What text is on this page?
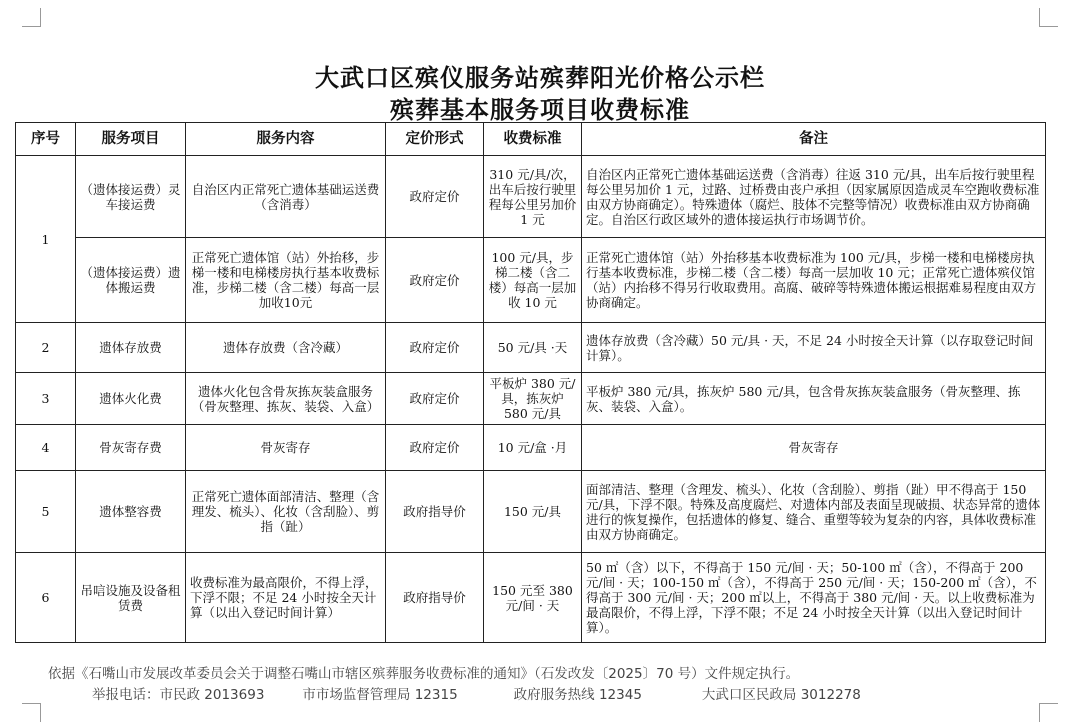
大武口区殡仪服务站殡葬阳光价格公示栏
殡葬基本服务项目收费标准
序号	服务项目	服务内容	定价形式	收费标准	备注
1	（遗体接运费）灵车接运费	自治区内正常死亡遗体基础运送费（含消毒）	政府定价	310 元/具/次，出车后按行驶里程每公里另加价 1 元	自治区内正常死亡遗体基础运送费（含消毒）往返 310 元/具，出车后按行驶里程每公里另加价 1 元，过路、过桥费由丧户承担（因家属原因造成灵车空跑收费标准由双方协商确定）。特殊遗体（腐烂、肢体不完整等情况）收费标准由双方协商确定。自治区行政区域外的遗体接运执行市场调节价。
	（遗体接运费）遗体搬运费	正常死亡遗体馆（站）外抬移，步梯一楼和电梯楼房执行基本收费标准，步梯二楼（含二楼）每高一层加收10元	政府定价	100 元/具，步梯二楼（含二楼）每高一层加收 10 元	正常死亡遗体馆（站）外抬移基本收费标准为 100 元/具，步梯一楼和电梯楼房执行基本收费标准，步梯二楼（含二楼）每高一层加收 10 元；正常死亡遗体殡仪馆（站）内抬移不得另行收取费用。高腐、破碎等特殊遗体搬运根据难易程度由双方协商确定。
2	遗体存放费	遗体存放费（含冷藏）	政府定价	50 元/具 ·天	遗体存放费（含冷藏）50 元/具 · 天，不足 24 小时按全天计算（以存取登记时间计算）。
3	遗体火化费	遗体火化包含骨灰拣灰装盒服务（骨灰整理、拣灰、装袋、入盒）	政府定价	平板炉 380 元/具，拣灰炉 580 元/具	平板炉 380 元/具，拣灰炉 580 元/具，包含骨灰拣灰装盒服务（骨灰整理、拣灰、装袋、入盒）。
4	骨灰寄存费	骨灰寄存	政府定价	10 元/盒 ·月	骨灰寄存
5	遗体整容费	正常死亡遗体面部清洁、整理（含理发、梳头）、化妆（含刮脸）、剪指（趾）	政府指导价	150 元/具	面部清洁、整理（含理发、梳头）、化妆（含刮脸）、剪指（趾）甲不得高于 150 元/具，下浮不限。特殊及高度腐烂、对遗体内部及表面呈现破损、状态异常的遗体进行的恢复操作，包括遗体的修复、缝合、重塑等较为复杂的内容，具体收费标准由双方协商确定。
6	吊唁设施及设备租赁费	收费标准为最高限价，不得上浮，下浮不限；不足 24 小时按全天计算（以出入登记时间计算）	政府指导价	150 元至 380 元/间 · 天	50 ㎡（含）以下，不得高于 150 元/间 · 天；50-100 ㎡（含），不得高于 200 元/间 · 天；100-150 ㎡（含），不得高于 250 元/间 · 天；150-200 ㎡（含），不得高于 300 元/间 · 天；200 ㎡以上，不得高于 380 元/间 · 天。以上收费标准为最高限价，不得上浮，下浮不限；不足 24 小时按全天计算（以出入登记时间计算）。
依据《石嘴山市发展改革委员会关于调整石嘴山市辖区殡葬服务收费标准的通知》（石发改发〔2025〕70 号）文件规定执行。
举报电话： 市民政 2013693	市市场监督管理局 12315	政府服务热线 12345	大武口区民政局 3012278
